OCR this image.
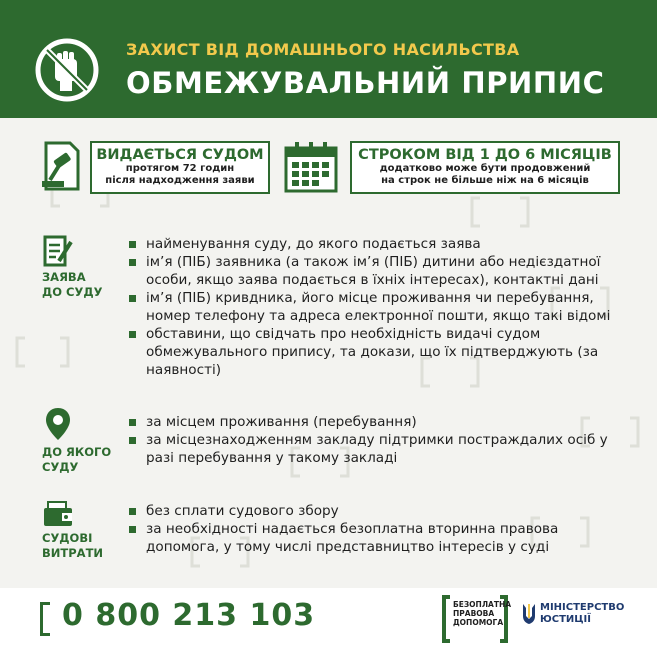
ЗАХИСТ ВІД ДОМАШНЬОГО НАСИЛЬСТВА
ОБМЕЖУВАЛЬНИЙ ПРИПИС
ВИДАЄТЬСЯ СУДОМ
протягом 72 годин
після надходження заяви
СТРОКОМ ВІД 1 ДО 6 МІСЯЦІВ
додатково може бути продовжений
на строк не більше ніж на 6 місяців
ЗАЯВА
ДО СУДУ
найменування суду, до якого подається заява
ім’я (ПІБ) заявника (а також ім’я (ПІБ) дитини або недієздатної особи, якщо заява подається в їхніх інтересах), контактні дані
ім’я (ПІБ) кривдника, його місце проживання чи перебування, номер телефону та адреса електронної пошти, якщо такі відомі
обставини, що свідчать про необхідність видачі судом обмежувального припису, та докази, що їх підтверджують (за наявності)
ДО ЯКОГО
СУДУ
за місцем проживання (перебування)
за місцезнаходженням закладу підтримки постраждалих осіб у разі перебування у такому закладі
СУДОВІ
ВИТРАТИ
без сплати судового збору
за необхідності надається безоплатна вторинна правова допомога, у тому числі представництво інтересів у суді
0 800 213 103	БЕЗОПЛАТНА
ПРАВОВА
ДОПОМОГА
МІНІСТЕРСТВО
ЮСТИЦІЇ
